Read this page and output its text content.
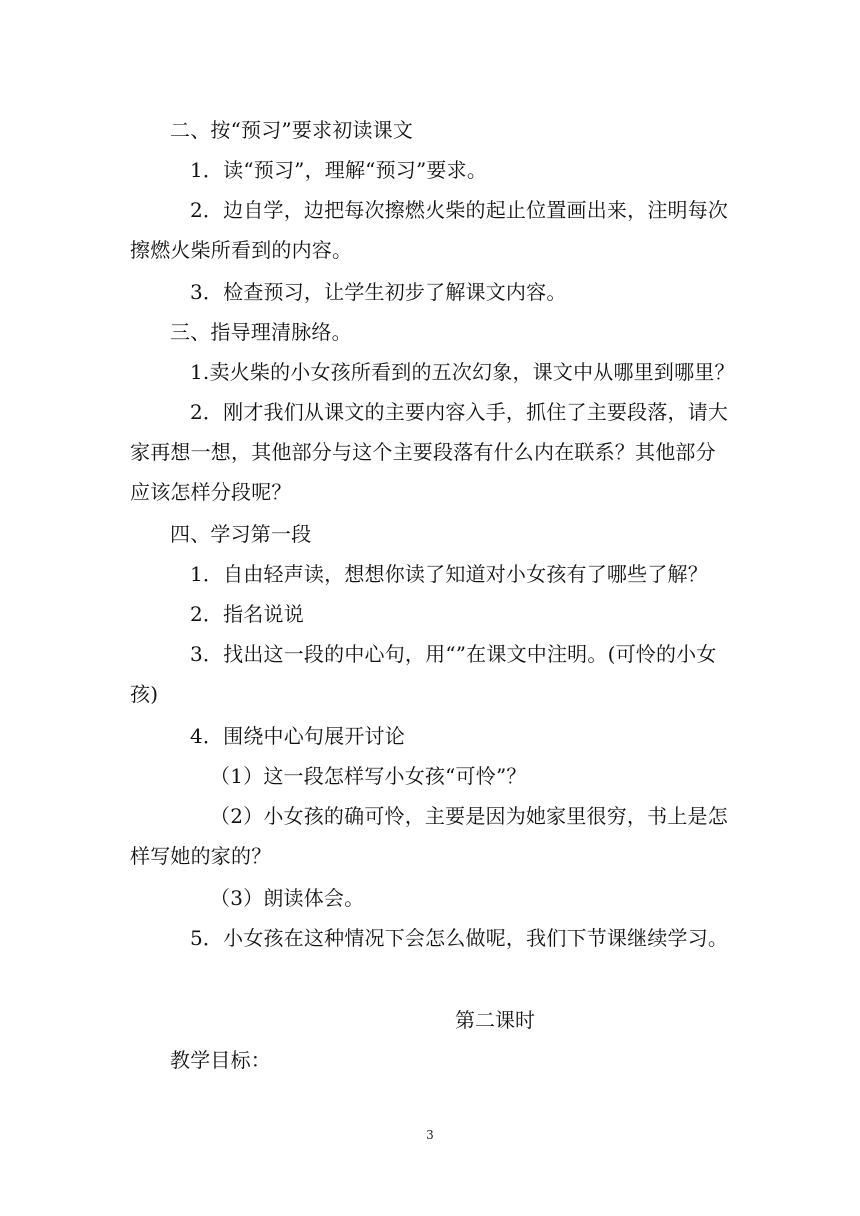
二、按“预习”要求初读课文
1．读“预习”，理解“预习”要求。
2．边自学，边把每次擦燃火柴的起止位置画出来，注明每次擦燃火柴所看到的内容。
3．检查预习，让学生初步了解课文内容。
三、指导理清脉络。
1.卖火柴的小女孩所看到的五次幻象，课文中从哪里到哪里？
2．刚才我们从课文的主要内容入手，抓住了主要段落，请大家再想一想，其他部分与这个主要段落有什么内在联系？其他部分应该怎样分段呢？
四、学习第一段
1．自由轻声读，想想你读了知道对小女孩有了哪些了解？
2．指名说说
3．找出这一段的中心句，用“”在课文中注明。(可怜的小女孩)
4．围绕中心句展开讨论
（1）这一段怎样写小女孩“可怜”？
（2）小女孩的确可怜，主要是因为她家里很穷，书上是怎样写她的家的？
（3）朗读体会。
5．小女孩在这种情况下会怎么做呢，我们下节课继续学习。
第二课时
教学目标：
3
